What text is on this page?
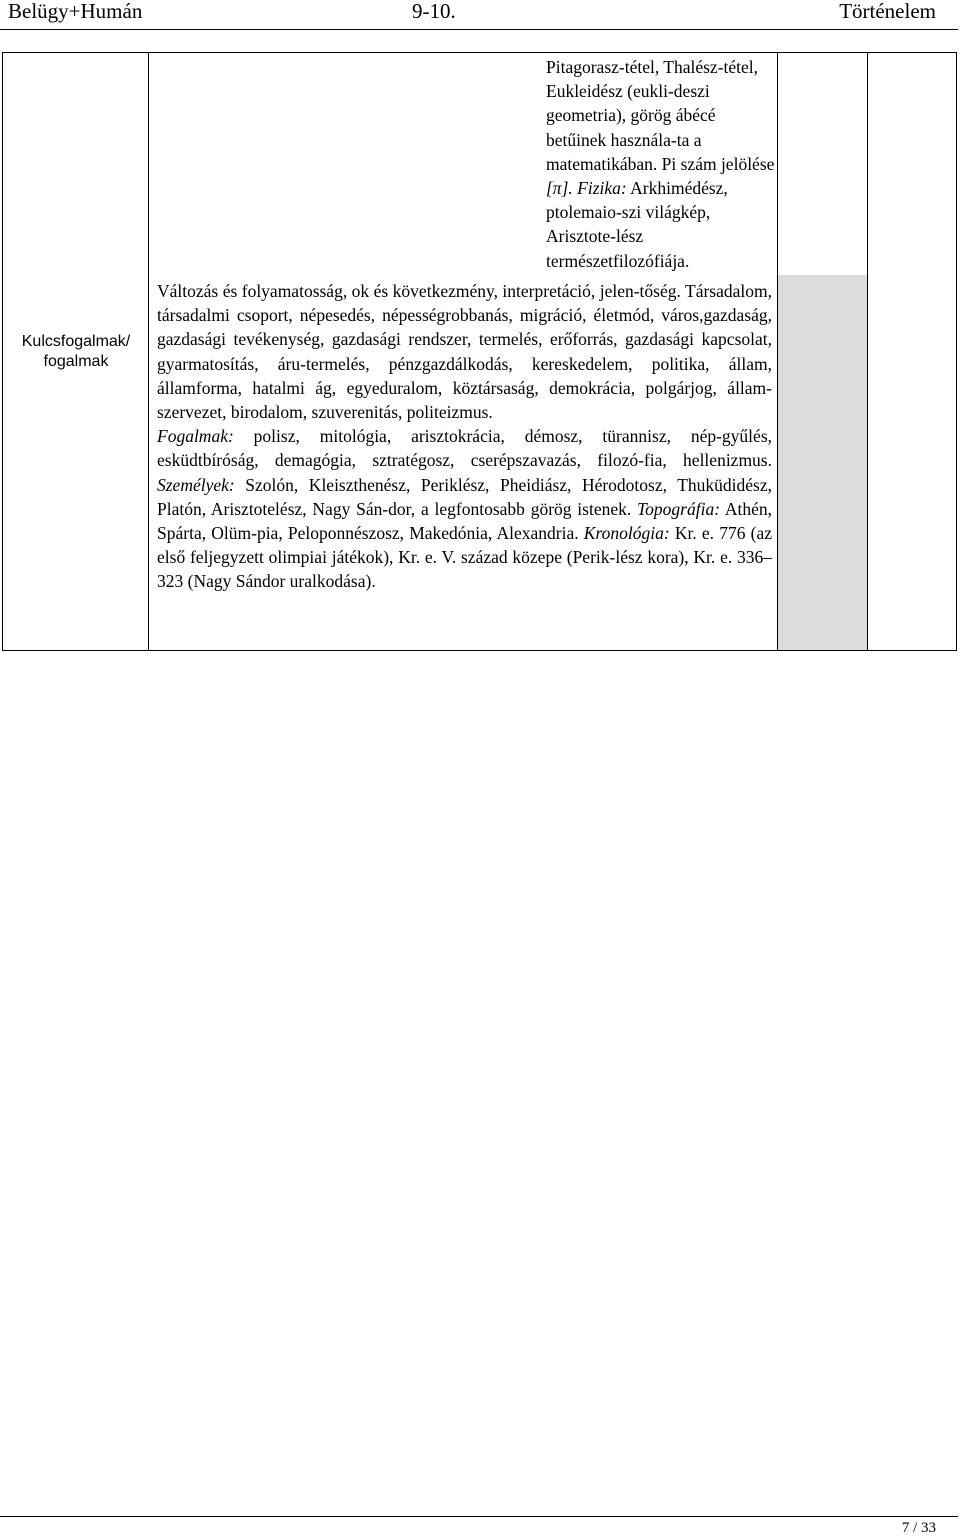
Belügy+Humán	9-10.	Történelem
Kulcsfogalmak/ fogalmak
Pitagorasz-tétel, Thalész-tétel, Eukleidész (eukli-deszi geometria), görög ábécé betűinek használa-ta a matematikában. Pi szám jelölése [π]. Fizika: Arkhimédész, ptolemaio-szi világkép, Arisztote-lész természetfilozófiája.
Változás és folyamatosság, ok és következmény, interpretáció, jelen-tőség. Társadalom, társadalmi csoport, népesedés, népességrobbanás, migráció, életmód, város,gazdaság, gazdasági tevékenység, gazdasági rendszer, termelés, erőforrás, gazdasági kapcsolat, gyarmatosítás, áru-termelés, pénzgazdálkodás, kereskedelem, politika, állam, államforma, hatalmi ág, egyeduralom, köztársaság, demokrácia, polgárjog, állam-szervezet, birodalom, szuverenitás, politeizmus.
Fogalmak: polisz, mitológia, arisztokrácia, démosz, türannisz, nép-gyűlés, esküdtbíróság, demagógia, sztratégosz, cserépszavazás, filozó-fia, hellenizmus. Személyek: Szolón, Kleiszthenész, Periklész, Pheidiász, Hérodotosz, Thuküdidész, Platón, Arisztotelész, Nagy Sán-dor, a legfontosabb görög istenek. Topográfia: Athén, Spárta, Olüm-pia, Peloponnészosz, Makedónia, Alexandria. Kronológia: Kr. e. 776 (az első feljegyzett olimpiai játékok), Kr. e. V. század közepe (Perik-lész kora), Kr. e. 336–323 (Nagy Sándor uralkodása).
7 / 33
